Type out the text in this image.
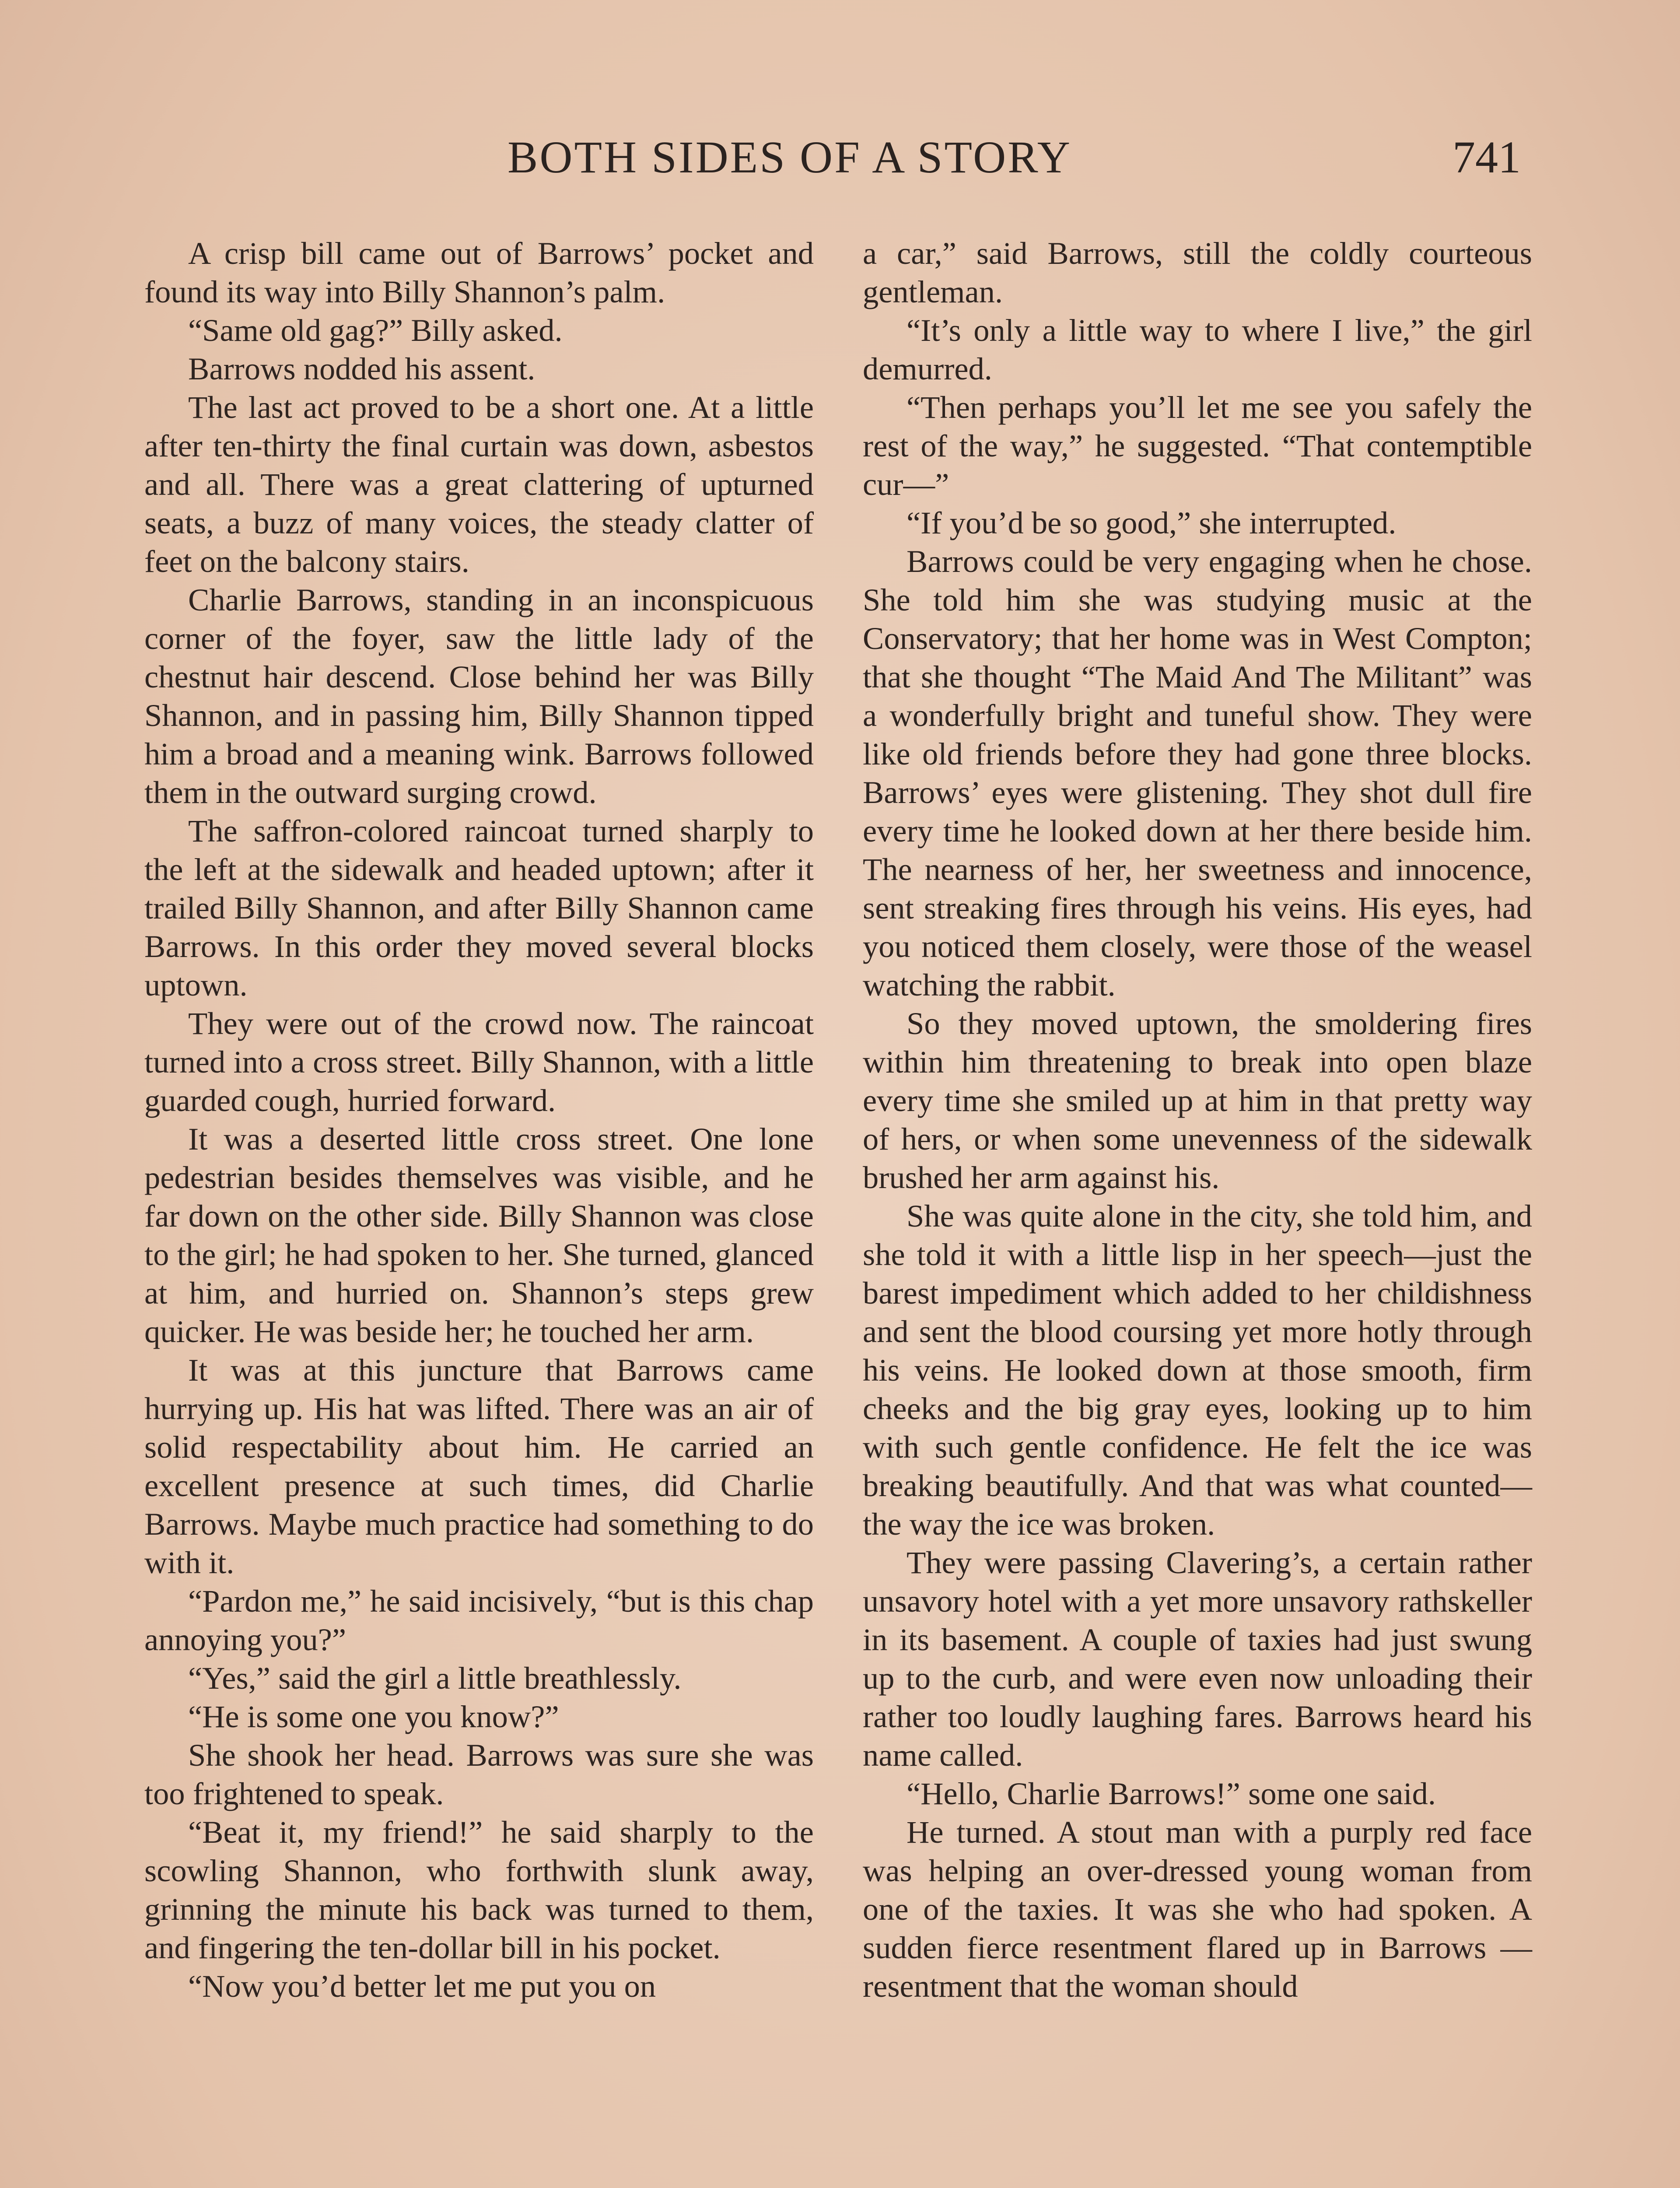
BOTH SIDES OF A STORY	741

A crisp bill came out of Barrows’ pocket and found its way into Billy Shannon’s palm.

“Same old gag?” Billy asked.

Barrows nodded his assent.

The last act proved to be a short one. At a little after ten-thirty the final curtain was down, asbestos and all. There was a great clattering of upturned seats, a buzz of many voices, the steady clatter of feet on the balcony stairs.

Charlie Barrows, standing in an inconspicuous corner of the foyer, saw the little lady of the chestnut hair descend. Close behind her was Billy Shannon, and in passing him, Billy Shannon tipped him a broad and a meaning wink. Barrows followed them in the outward surging crowd.

The saffron-colored raincoat turned sharply to the left at the sidewalk and headed uptown; after it trailed Billy Shannon, and after Billy Shannon came Barrows. In this order they moved several blocks uptown.

They were out of the crowd now. The raincoat turned into a cross street. Billy Shannon, with a little guarded cough, hurried forward.

It was a deserted little cross street. One lone pedestrian besides themselves was visible, and he far down on the other side. Billy Shannon was close to the girl; he had spoken to her. She turned, glanced at him, and hurried on. Shannon’s steps grew quicker. He was beside her; he touched her arm.

It was at this juncture that Barrows came hurrying up. His hat was lifted. There was an air of solid respectability about him. He carried an excellent presence at such times, did Charlie Barrows. Maybe much practice had something to do with it.

“Pardon me,” he said incisively, “but is this chap annoying you?”

“Yes,” said the girl a little breathlessly.

“He is some one you know?”

She shook her head. Barrows was sure she was too frightened to speak.

“Beat it, my friend!” he said sharply to the scowling Shannon, who forthwith slunk away, grinning the minute his back was turned to them, and fingering the ten-dollar bill in his pocket.

“Now you’d better let me put you on

a car,” said Barrows, still the coldly courteous gentleman.

“It’s only a little way to where I live,” the girl demurred.

“Then perhaps you’ll let me see you safely the rest of the way,” he suggested. “That contemptible cur—”

“If you’d be so good,” she interrupted.

Barrows could be very engaging when he chose. She told him she was studying music at the Conservatory; that her home was in West Compton; that she thought “The Maid And The Militant” was a wonderfully bright and tuneful show. They were like old friends before they had gone three blocks. Barrows’ eyes were glistening. They shot dull fire every time he looked down at her there beside him. The nearness of her, her sweetness and innocence, sent streaking fires through his veins. His eyes, had you noticed them closely, were those of the weasel watching the rabbit.

So they moved uptown, the smoldering fires within him threatening to break into open blaze every time she smiled up at him in that pretty way of hers, or when some unevenness of the sidewalk brushed her arm against his.

She was quite alone in the city, she told him, and she told it with a little lisp in her speech—just the barest impediment which added to her childishness and sent the blood coursing yet more hotly through his veins. He looked down at those smooth, firm cheeks and the big gray eyes, looking up to him with such gentle confidence. He felt the ice was breaking beautifully. And that was what counted—the way the ice was broken.

They were passing Clavering’s, a certain rather unsavory hotel with a yet more unsavory rathskeller in its basement. A couple of taxies had just swung up to the curb, and were even now unloading their rather too loudly laughing fares. Barrows heard his name called.

“Hello, Charlie Barrows!” some one said.

He turned. A stout man with a purply red face was helping an over-dressed young woman from one of the taxies. It was she who had spoken. A sudden fierce resentment flared up in Barrows —resentment that the woman should
